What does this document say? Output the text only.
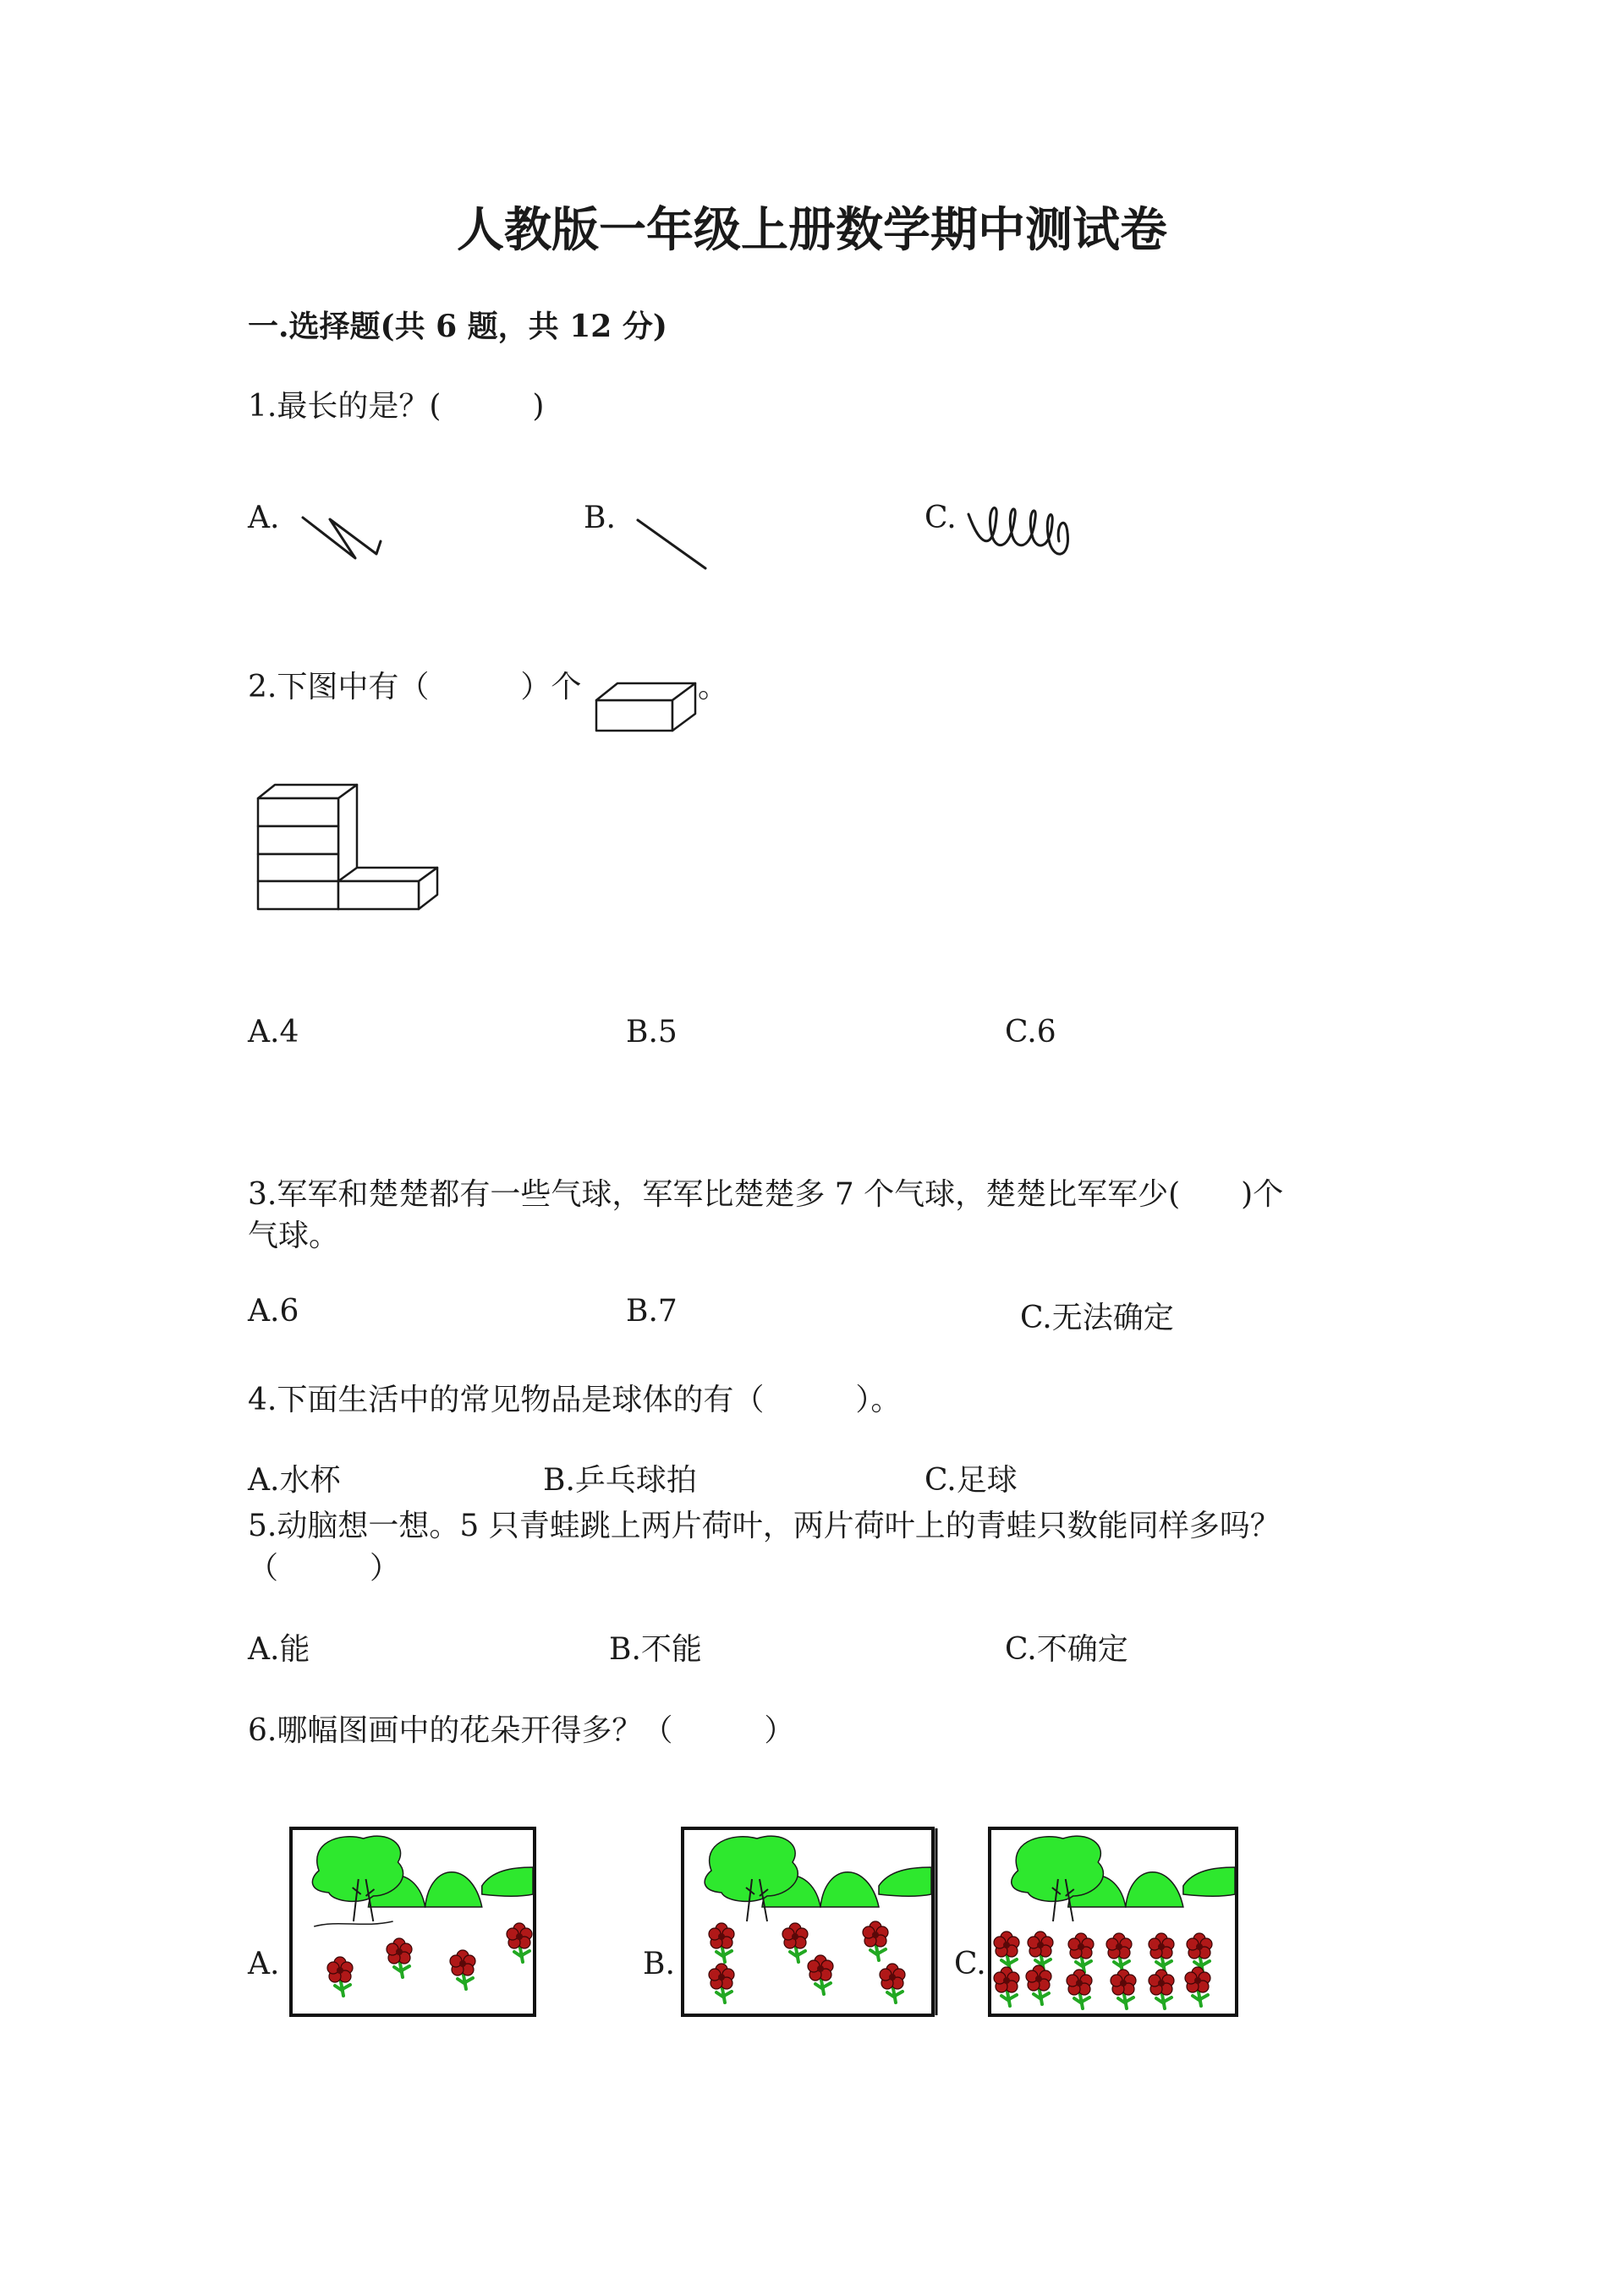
人教版一年级上册数学期中测试卷
一.选择题(共 6 题，共 12 分)
1.最长的是？(　　　)
A.	B.	C.
2.下图中有（　　　）个	。
A.4	B.5	C.6
3.军军和楚楚都有一些气球，军军比楚楚多 7 个气球，楚楚比军军少(　　)个
气球。
A.6	B.7	C.无法确定
4.下面生活中的常见物品是球体的有（　　　）。
A.水杯	B.乒乓球拍	C.足球
5.动脑想一想。5 只青蛙跳上两片荷叶，两片荷叶上的青蛙只数能同样多吗？
（　　　）
A.能	B.不能	C.不确定
6.哪幅图画中的花朵开得多？（　　　）
A.	B.	C.
